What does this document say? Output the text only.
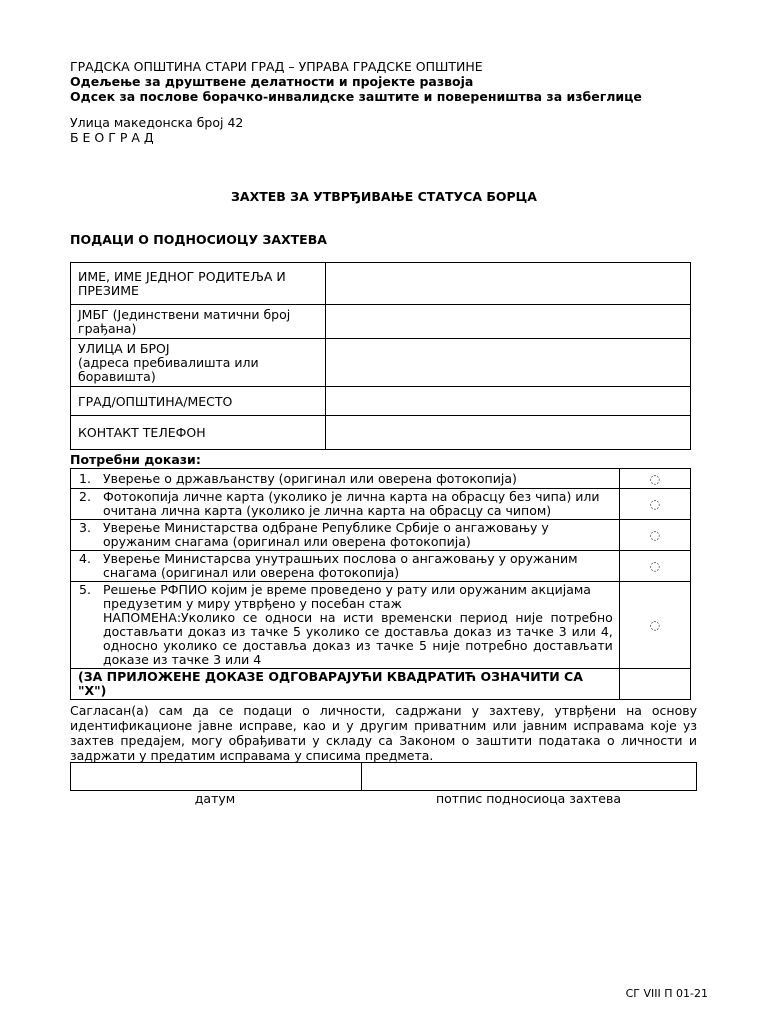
ГРАДСКА ОПШТИНА СТАРИ ГРАД – УПРАВА ГРАДСКЕ ОПШТИНЕ
Одељење за друштвене делатности и пројекте развоја
Одсек за послове борачко-инвалидске заштите и повереништва за избеглице
Улица македонска број 42
Б Е О Г Р А Д
ЗАХТЕВ ЗА УТВРЂИВАЊЕ СТАТУСА БОРЦА
ПОДАЦИ О ПОДНОСИОЦУ ЗАХТЕВА
ИМЕ, ИМЕ ЈЕДНОГ РОДИТЕЉА И ПРЕЗИМЕ	
ЈМБГ (Јединствени матични број грађана)	
УЛИЦА И БРОЈ
(адреса пребивалишта или боравишта)	
ГРАД/ОПШТИНА/МЕСТО	
КОНТАКТ ТЕЛЕФОН	
Потребни докази:
1. Уверење о држављанству (оригинал или оверена фотокопија)	◌

2. Фотокопија личне карта (уколико је лична карта на обрасцу без чипа) или очитана лична карта (уколико је лична карта на обрасцу са чипом)	◌

3. Уверење Министарства одбране Републике Србије о ангажовању у оружаним снагама (оригинал или оверена фотокопија)	◌

4. Уверење Министарсва унутрашњих послова о ангажовању у оружаним снагама (оригинал или оверена фотокопија)	◌

5. Решење РФПИО којим је време проведено у рату или оружаним акцијама предузетим у миру утврђено у посебан стаж
НАПОМЕНА:Уколико се односи на исти временски период није потребно достављати доказ из тачке 5 уколико се доставља доказ из тачке 3 или 4, односно уколико се доставља доказ из тачке 5 није потребно достављати доказе из тачке 3 или 4	◌
(ЗА ПРИЛОЖЕНЕ ДОКАЗЕ ОДГОВАРАЈУЋИ КВАДРАТИЋ ОЗНАЧИТИ СА "Х")	
Сагласан(а) сам да се подаци о личности, садржани у захтеву, утврђени на основу идентификационе јавне исправе, као и у другим приватним или јавним исправама које уз захтев предајем, могу обрађивати у складу са Законом о заштити података о личности и задржати у предатим исправама у списима предмета.

датум	потпис подносиоца захтева
СГ VIII П 01-21
